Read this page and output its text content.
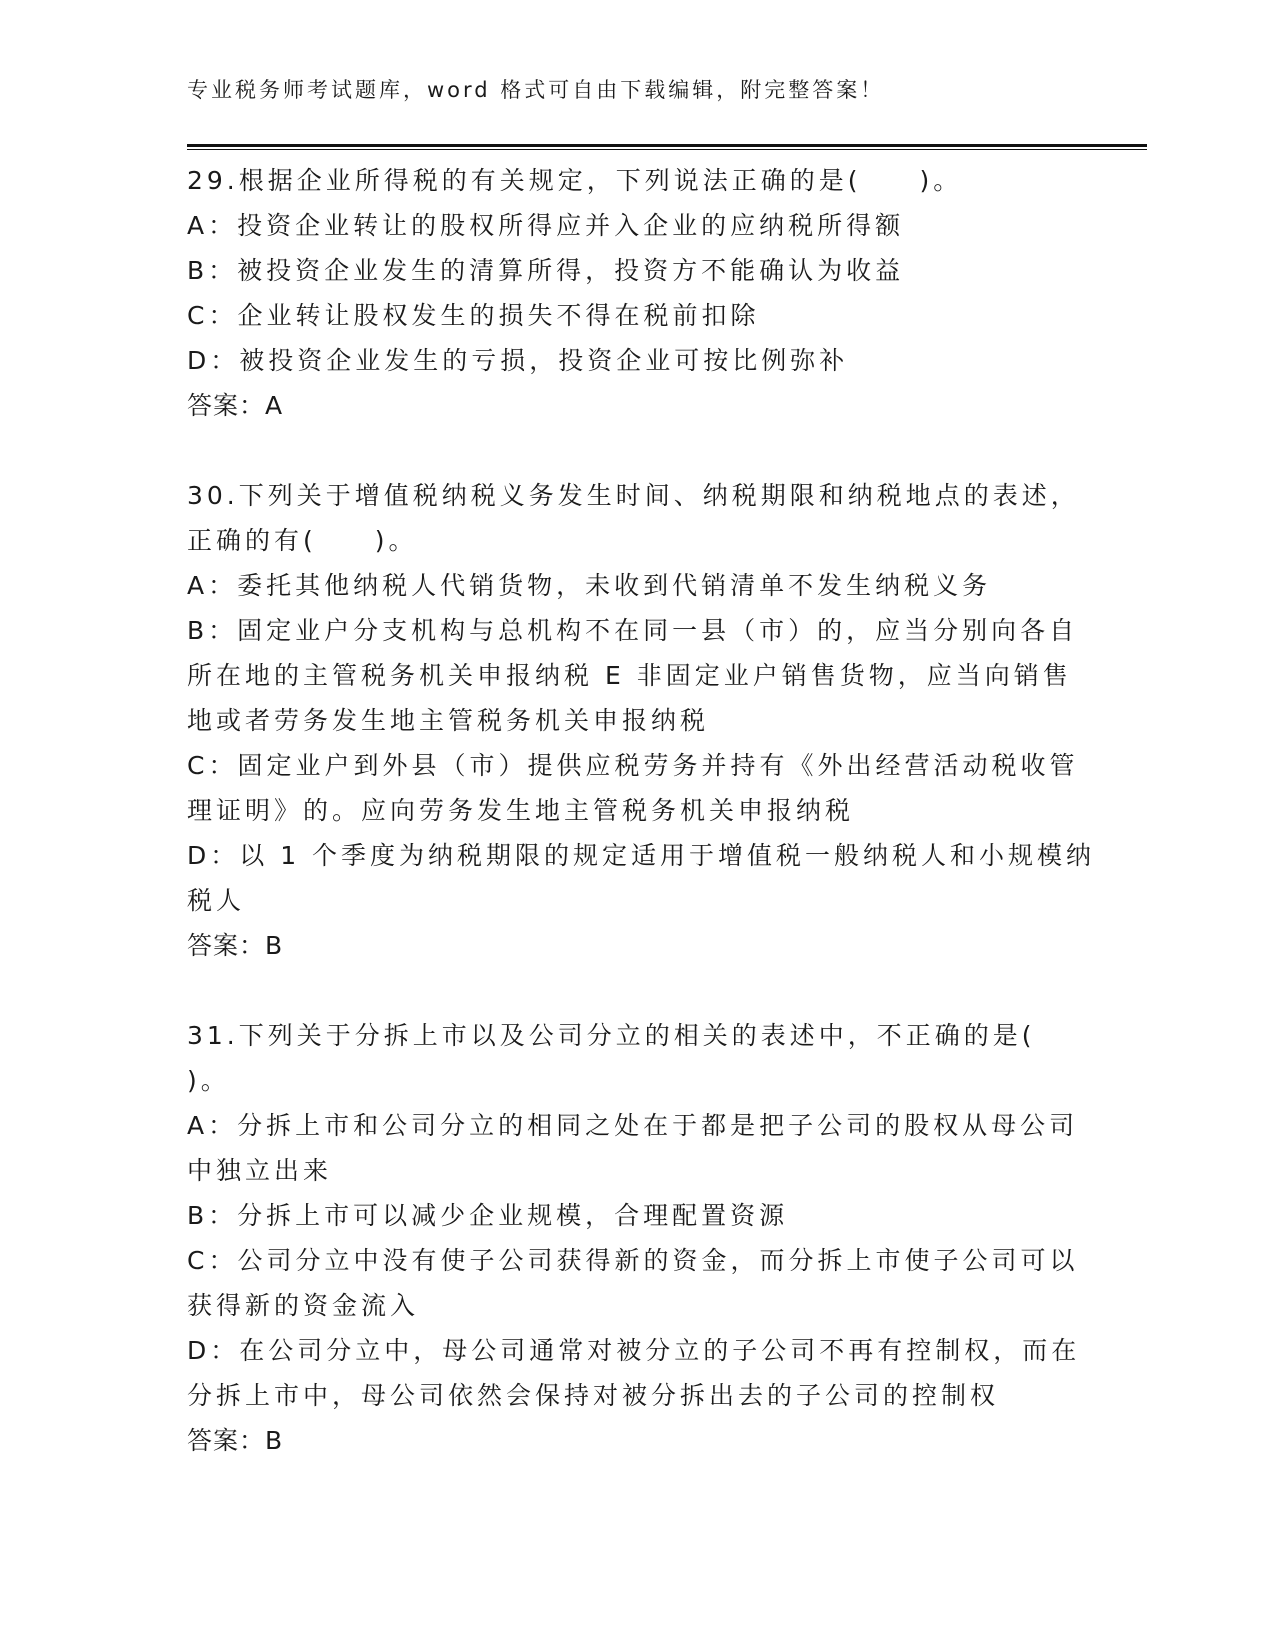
专业税务师考试题库，word 格式可自由下载编辑，附完整答案！
29.根据企业所得税的有关规定，下列说法正确的是(　　)。
A：投资企业转让的股权所得应并入企业的应纳税所得额
B：被投资企业发生的清算所得，投资方不能确认为收益
C：企业转让股权发生的损失不得在税前扣除
D：被投资企业发生的亏损，投资企业可按比例弥补
答案：A
30.下列关于增值税纳税义务发生时间、纳税期限和纳税地点的表述，
正确的有(　　)。
A：委托其他纳税人代销货物，未收到代销清单不发生纳税义务
B：固定业户分支机构与总机构不在同一县（市）的，应当分别向各自
所在地的主管税务机关申报纳税 E 非固定业户销售货物，应当向销售
地或者劳务发生地主管税务机关申报纳税
C：固定业户到外县（市）提供应税劳务并持有《外出经营活动税收管
理证明》的。应向劳务发生地主管税务机关申报纳税
D：以 1 个季度为纳税期限的规定适用于增值税一般纳税人和小规模纳
税人
答案：B
31.下列关于分拆上市以及公司分立的相关的表述中，不正确的是(
)。
A：分拆上市和公司分立的相同之处在于都是把子公司的股权从母公司
中独立出来
B：分拆上市可以减少企业规模，合理配置资源
C：公司分立中没有使子公司获得新的资金，而分拆上市使子公司可以
获得新的资金流入
D：在公司分立中，母公司通常对被分立的子公司不再有控制权，而在
分拆上市中，母公司依然会保持对被分拆出去的子公司的控制权
答案：B
